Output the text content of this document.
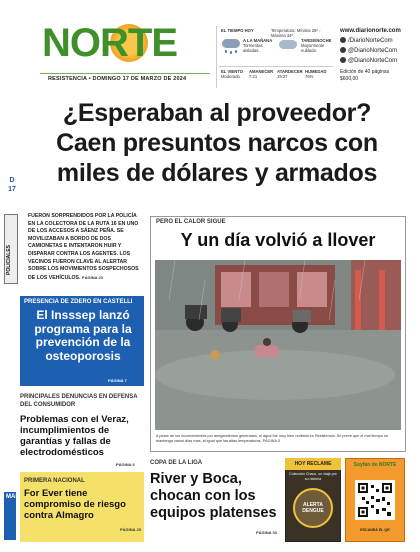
NORTE
RESISTENCIA • DOMINGO 17 DE MARZO DE 2024
EL TIEMPO HOY	Temperatura: Mínima 25º - Máxima 34º
A LA MAÑANA
Tormentas aisladas.
TARDE/NOCHE
Mayormente nublado.
EL VIENTO
Moderado
AMANECER
7:21
ATARDECER
19:27
HUMEDAD
76%
www.diarionorte.com
/DiarioNorteCom
@DiarioNorteCom
@DiarioNorteCom
Edición de 40 páginas
$600,00
¿Esperaban al proveedor?
Caen presuntos narcos con
miles de dólares y armados
D
17
POLICIALES
FUERON SORPRENDIDOS POR LA POLICÍA EN LA COLECTORA DE LA RUTA 16 EN UNO DE LOS ACCESOS A SÁENZ PEÑA. SE MOVILIZABAN A BORDO DE DOS CAMIONETAS E INTENTARON HUIR Y DISPARAR CONTRA LOS AGENTES. LOS VECINOS FUERON CLAVE AL ALERTAR SOBRE LOS MOVIMIENTOS SOSPECHOSOS DE LOS VEHÍCULOS. PÁGINA 23
PRESENCIA DE ZDERO EN CASTELLI
El Insssep lanzó programa para la prevención de la osteoporosis
PÁGINA 7
PRINCIPALES DENUNCIAS EN DEFENSA DEL CONSUMIDOR
Problemas con el Veraz, incumplimientos de garantías y fallas de electrodomésticos
PÁGINA 6
MAR
PRIMERA NACIONAL
For Ever tiene compromiso de riesgo contra Almagro
PÁGINA 25
PERO EL CALOR SIGUE
Y un día volvió a llover
A pesar de los inconvenientes por anegamientos generados, el agua fue muy bien recibida en Resistencia. Se prevé que el mal tiempo se mantenga varios días más, al igual que las altas temperaturas. PÁGINA 3
COPA DE LA LIGA
River y Boca, chocan con los equipos platenses
PÁGINA 33
HOY RECLAME
Colección Chaco, un viaje por su historia
ALERTA DENGUE
Soyfan de NORTE
ESCANEÁ EL QR
